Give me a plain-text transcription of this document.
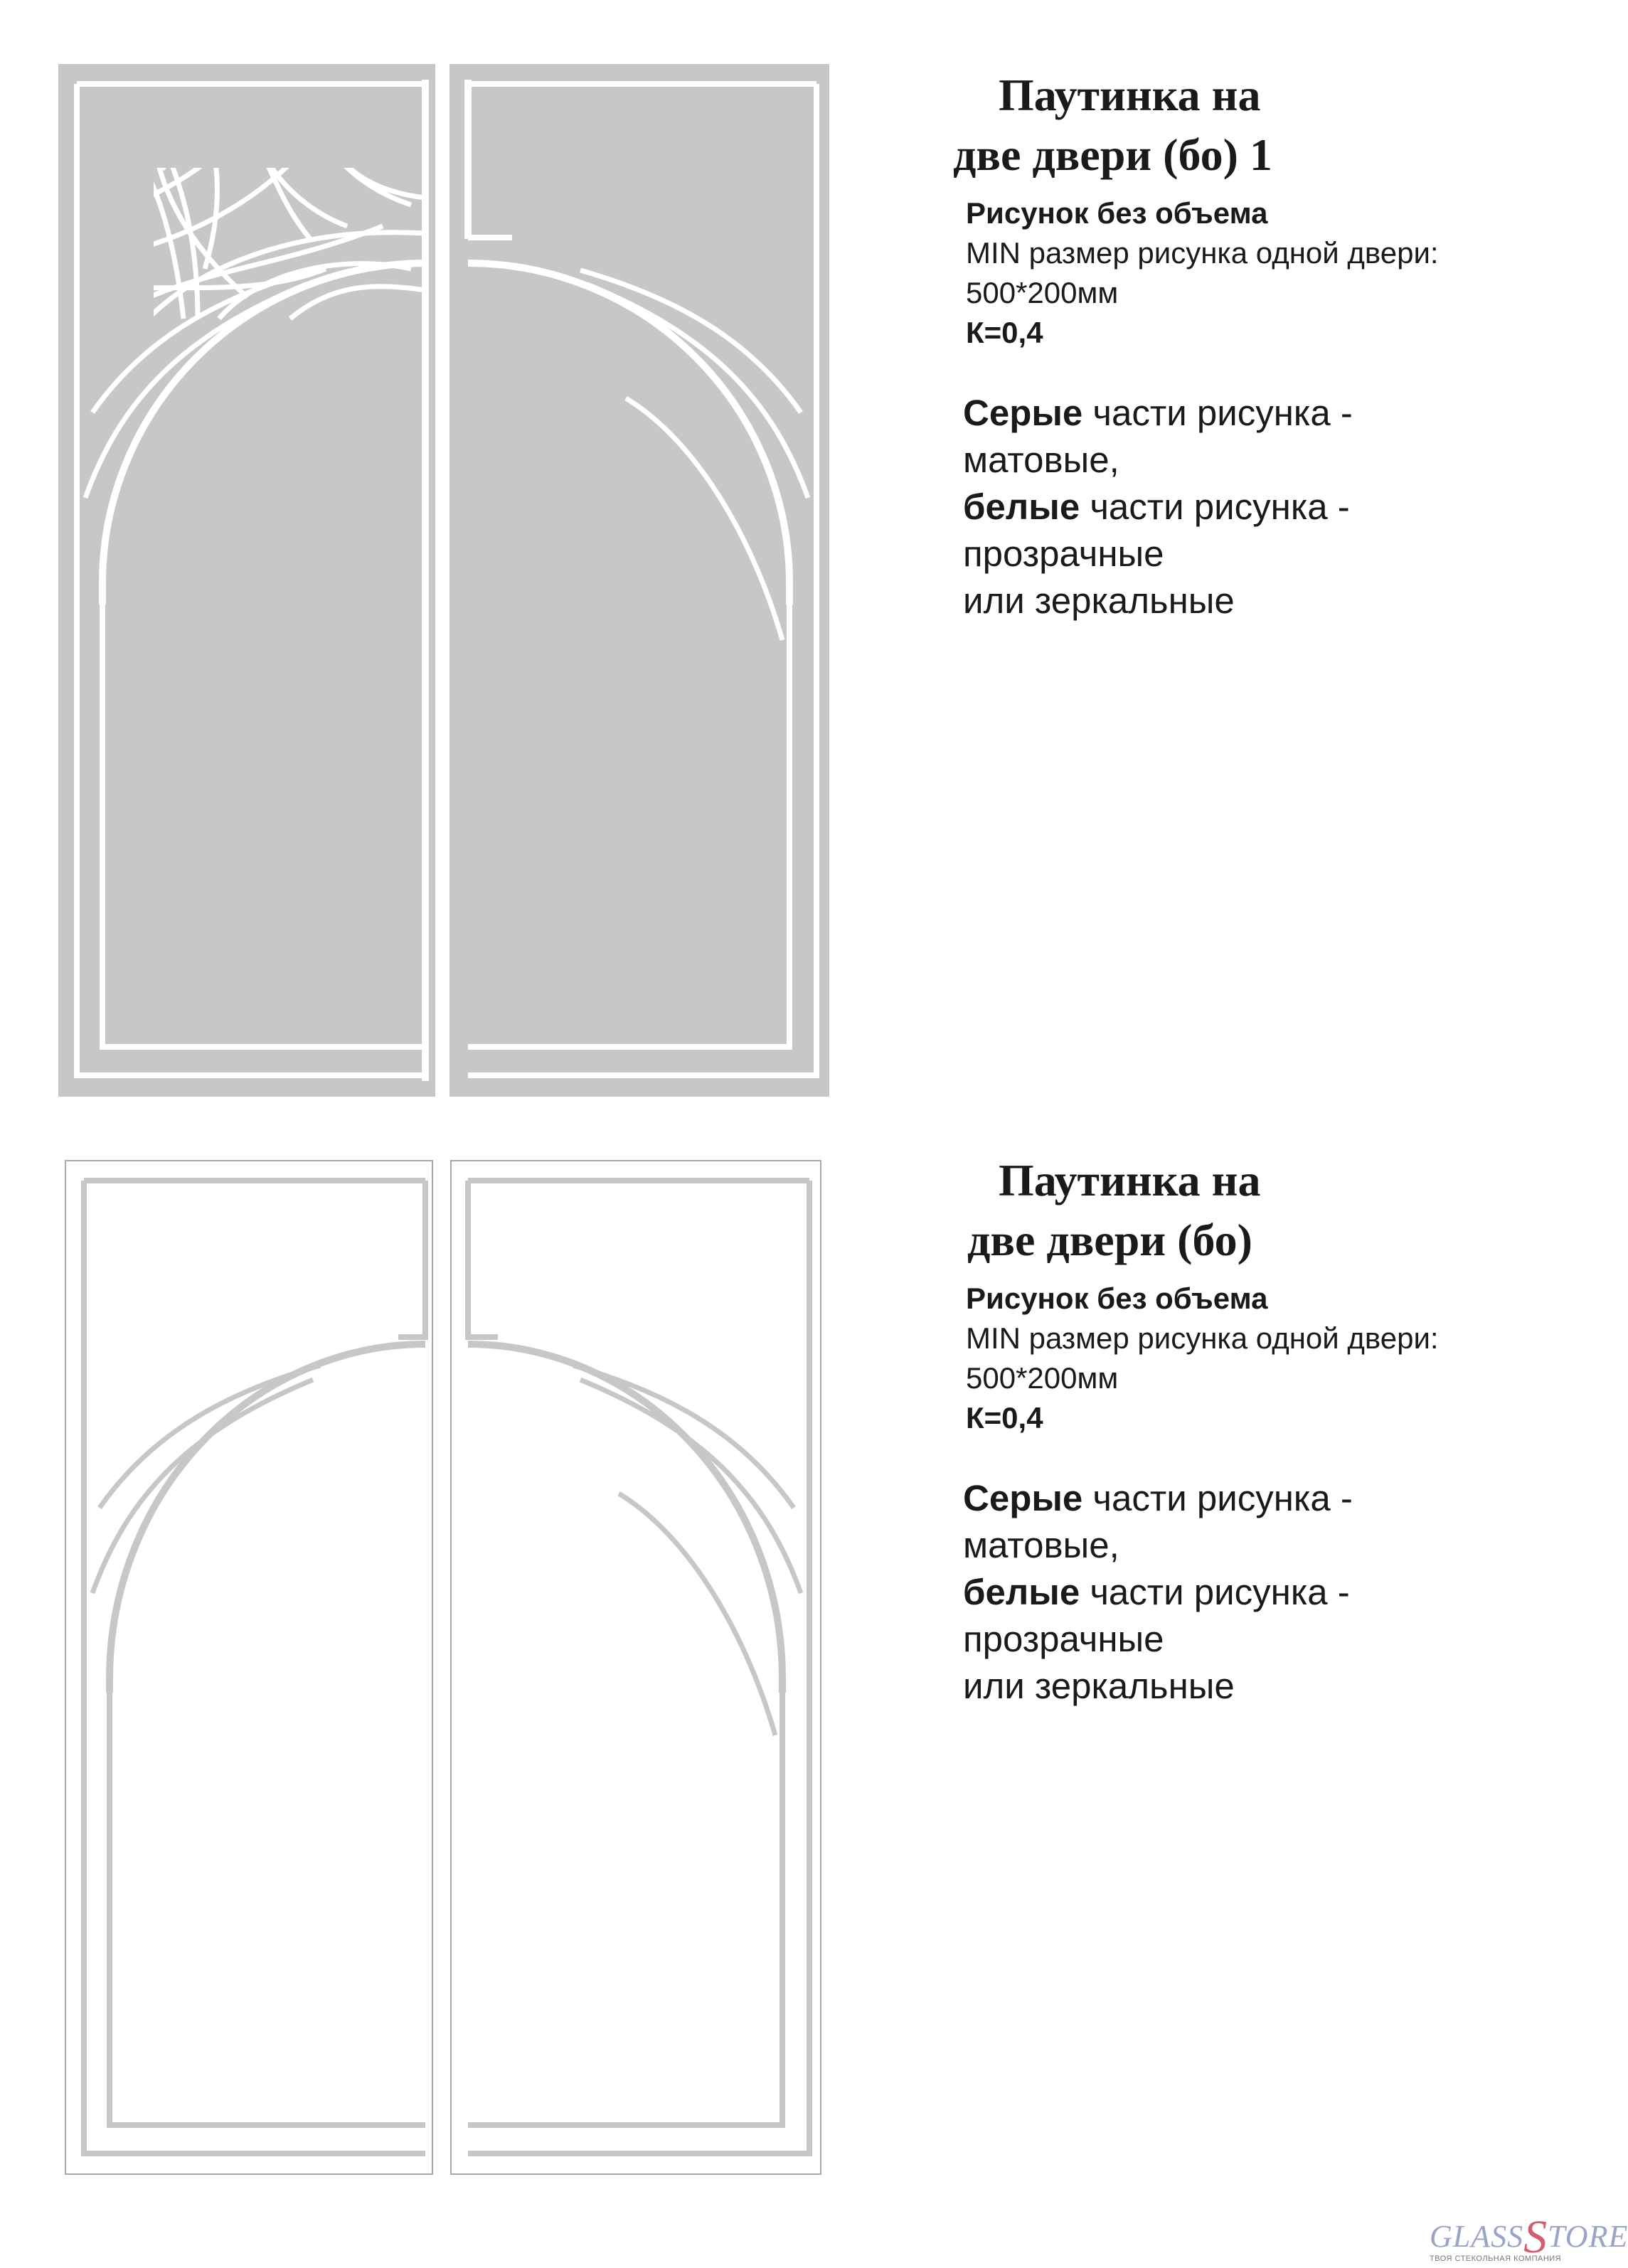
Паутинка на
две двери (бо) 1
Рисунок без объема
MIN размер рисунка одной двери:
500*200мм
К=0,4
Серые части рисунка -
матовые,
белые части рисунка -
прозрачные
или зеркальные
Паутинка на
две двери (бо)
Рисунок без объема
MIN размер рисунка одной двери:
500*200мм
К=0,4
Серые части рисунка -
матовые,
белые части рисунка -
прозрачные
или зеркальные
GLASSSTORE
ТВОЯ СТЕКОЛЬНАЯ КОМПАНИЯ
